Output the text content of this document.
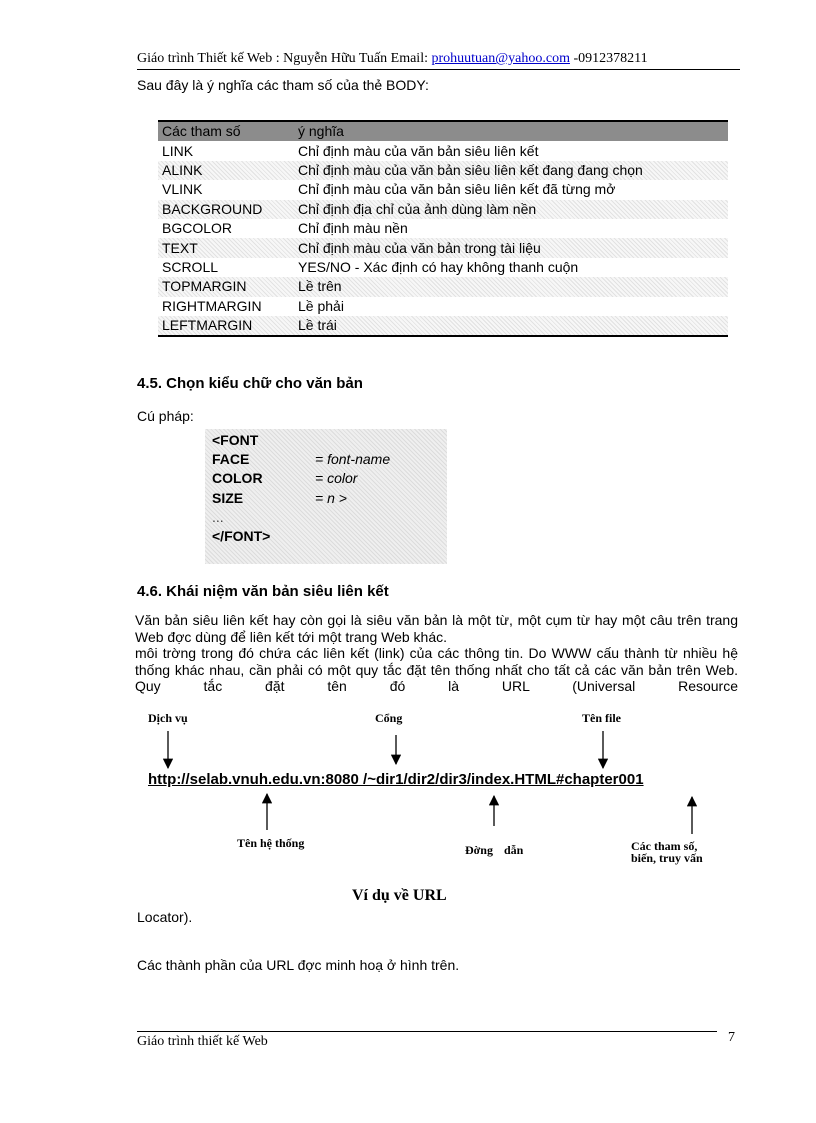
Giáo trình Thiết kế Web : Nguyễn Hữu Tuấn Email: prohuutuan@yahoo.com -0912378211
Sau đây là ý nghĩa các tham số của thẻ BODY:
Các tham số	ý nghĩa
LINK	Chỉ định màu của văn bản siêu liên kết
ALINK	Chỉ định màu của văn bản siêu liên kết đang đang chọn
VLINK	Chỉ định màu của văn bản siêu liên kết đã từng mở
BACKGROUND	Chỉ định địa chỉ của ảnh dùng làm nền
BGCOLOR	Chỉ định màu nền
TEXT	Chỉ định màu của văn bản trong tài liệu
SCROLL	YES/NO - Xác định có hay không thanh cuộn
TOPMARGIN	Lề trên
RIGHTMARGIN	Lề phải
LEFTMARGIN	Lề trái
4.5. Chọn kiểu chữ cho văn bản
Cú pháp:
<FONT
FACE	= font-name
COLOR	= color
SIZE	= n >
...
</FONT>
4.6. Khái niệm văn bản siêu liên kết

Văn bản siêu liên kết hay còn gọi là siêu văn bản là một từ, một cụm từ hay một câu trên trang Web đợc dùng để liên kết tới một trang Web khác.

môi trờng trong đó chứa các liên kết (link) của các thông tin. Do WWW cấu thành từ nhiều hệ thống khác nhau, cần phải có một quy tắc đặt tên thống nhất cho tất cả các văn bản trên Web. Quy tắc đặt tên đó là URL (Universal Resource

Dịch vụ	Cổng	Tên file
http://selab.vnuh.edu.vn:8080 /~dir1/dir2/dir3/index.HTML#chapter001
Tên hệ thống	Đờng dẫn	Các tham số, biến, truy vấn
Ví dụ về URL
Locator).
Các thành phần của URL đợc minh hoạ ở hình trên.
Giáo trình thiết kế Web	7
